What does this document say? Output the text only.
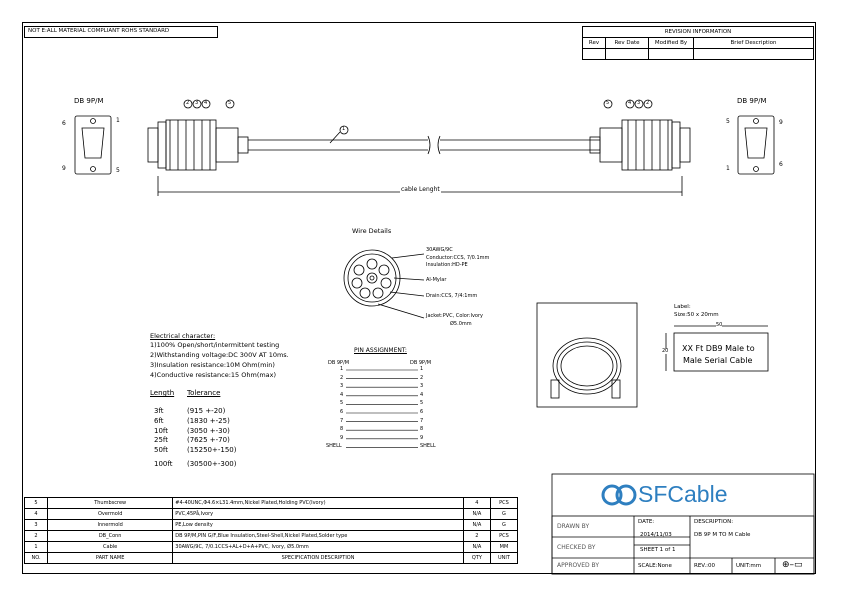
NOT E:ALL MATERIAL COMPLIANT ROHS STANDARD	REVISION INFORMATION			
Rev	Rev Date	Modified By	Brief Description

DB 9P/M	DB 9P/M
6	1
9	5
5	9
1
6
2 3 4	5	5	4 3 2
1
cable Lenght
Wire Details
30AWG/9C
Conductor:CCS, 7/0.1mm
Insulation:HD-PE
Al-Mylar
Drain:CCS, 7/4:1mm
Jacket:PVC, Color:Ivory
Ø5.0mm
Label:
Size:50 x 20mm
50
20 XX Ft DB9 Male to
Male Serial Cable
Electrical character:
1)100% Open/short/intermittent testing
2)Withstanding voltage:DC 300V AT 10ms.
3)Insulation resistance:10M Ohm(min)
4)Conductive resistance:15 Ohm(max)
Length Tolerance
3ft	(915 +-20)
6ft	(1830 +-25)
10ft	(3050 +-30)
25ft	(7625 +-70)
50ft	(15250+-150)
100ft (30500+-300)
PIN ASSIGNMENT:
DB 9P/M	DB 9P/M
1	1
2	2
3	3
4	4
5	5
6	6
7	7
8	8
9	9
SHELL	SHELL
5	Thumbscrew	#4-40UNC,Φ4.6×L31.4mm,Nickel Plated,Holding PVC(Ivory)	4	PCS
4	Overmold	PVC,45På,Ivory	N/A	G
3	Innermold	PE,Low density	N/A	G
2	DB_Conn	DB 9P/M,PIN G/F,Blue Insulation,Steel-Shell,Nickel Plated,Solder type	2	PCS
1	Cable	30AWG/9C, 7/0.1CCS+AL+D+A+PVC, Ivory, Ø5.0mm	N/A	MM
NO.	PART NAME	SPECIFICATION DESCRIPTION	QTY	UNIT
SFCable
DRAWN BY
CHECKED BY
APPROVED BY
DATE:
2014/11/03
SHEET 1 of 1
SCALE:None
DESCRIPTION:
DB 9P M TO M Cable
REV.:00	UNIT:mm ⊕–▭
